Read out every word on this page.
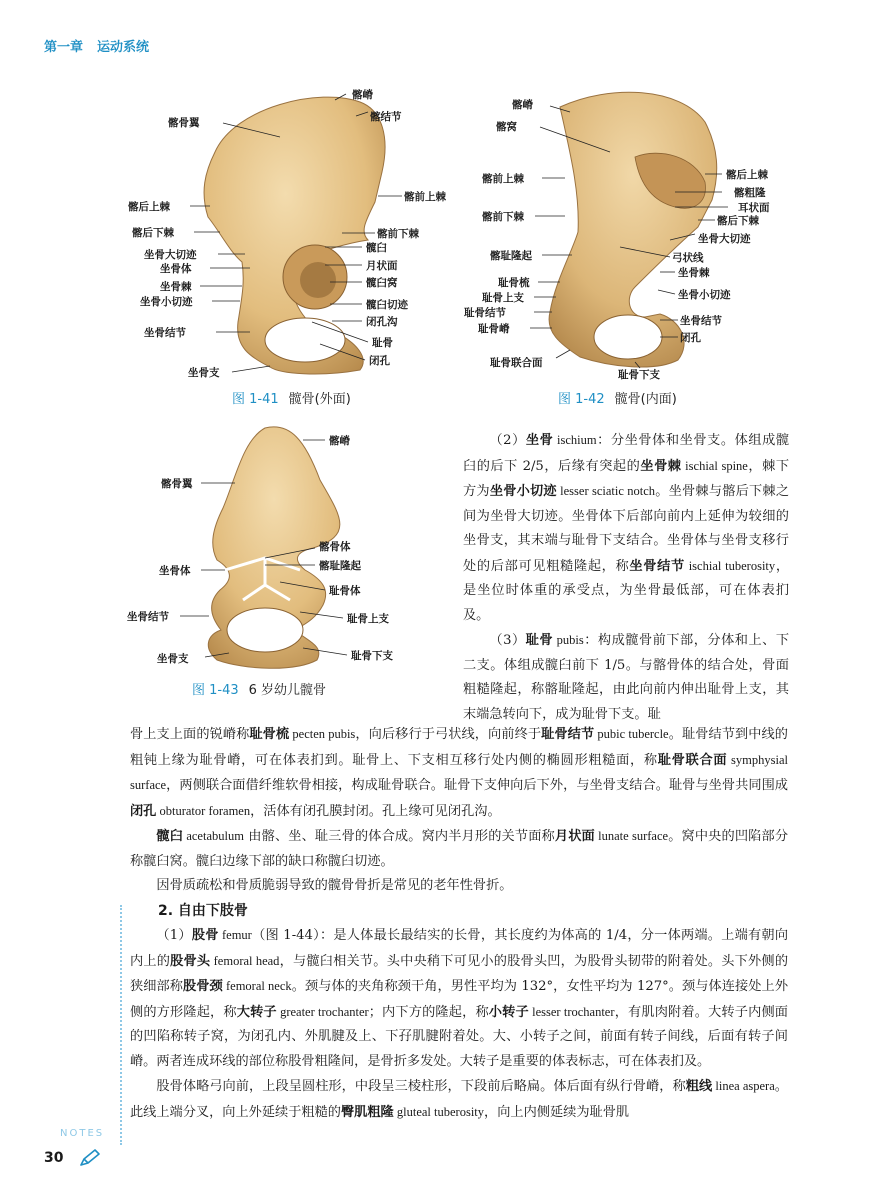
第一章 运动系统
髂嵴
髂骨翼	髂结节
髂后上棘
髂前上棘
髂后下棘	髂前下棘
坐骨大切迹
髋臼
坐骨体	月状面
坐骨棘	髋臼窝
坐骨小切迹	髋臼切迹
闭孔沟
坐骨结节
耻骨
闭孔
坐骨支
图 1-41 髋骨(外面)
髂嵴
髂窝
髂后上棘
髂粗隆
耳状面
髂前上棘
髂后下棘
髂前下棘
坐骨大切迹
髂耻隆起	弓状线
坐骨棘
耻骨梳
坐骨小切迹
耻骨上支
耻骨结节
坐骨结节
耻骨嵴
闭孔
耻骨联合面
耻骨下支
图 1-42 髋骨(内面)
髂嵴
髂骨翼
髂骨体
坐骨体	髂耻隆起
耻骨体
坐骨结节	耻骨上支
坐骨支	耻骨下支
图 1-43 6 岁幼儿髋骨

（2）坐骨 ischium：分坐骨体和坐骨支。体组成髋臼的后下 2/5，后缘有突起的坐骨棘 ischial spine，棘下方为坐骨小切迹 lesser sciatic notch。坐骨棘与髂后下棘之间为坐骨大切迹。坐骨体下后部向前内上延伸为较细的坐骨支，其末端与耻骨下支结合。坐骨体与坐骨支移行处的后部可见粗糙隆起，称坐骨结节 ischial tuberosity，是坐位时体重的承受点，为坐骨最低部，可在体表扪及。

（3）耻骨 pubis：构成髋骨前下部，分体和上、下二支。体组成髋臼前下 1/5。与髂骨体的结合处，骨面粗糙隆起，称髂耻隆起，由此向前内伸出耻骨上支，其末端急转向下，成为耻骨下支。耻

骨上支上面的锐嵴称耻骨梳 pecten pubis，向后移行于弓状线，向前终于耻骨结节 pubic tubercle。耻骨结节到中线的粗钝上缘为耻骨嵴，可在体表扪到。耻骨上、下支相互移行处内侧的椭圆形粗糙面，称耻骨联合面 symphysial surface，两侧联合面借纤维软骨相接，构成耻骨联合。耻骨下支伸向后下外，与坐骨支结合。耻骨与坐骨共同围成闭孔 obturator foramen，活体有闭孔膜封闭。孔上缘可见闭孔沟。

髋臼 acetabulum 由髂、坐、耻三骨的体合成。窝内半月形的关节面称月状面 lunate surface。窝中央的凹陷部分称髋臼窝。髋臼边缘下部的缺口称髋臼切迹。

因骨质疏松和骨质脆弱导致的髋骨骨折是常见的老年性骨折。

2. 自由下肢骨

（1）股骨 femur（图 1-44）：是人体最长最结实的长骨，其长度约为体高的 1/4，分一体两端。上端有朝向内上的股骨头 femoral head，与髋臼相关节。头中央稍下可见小的股骨头凹，为股骨头韧带的附着处。头下外侧的狭细部称股骨颈 femoral neck。颈与体的夹角称颈干角，男性平均为 132°，女性平均为 127°。颈与体连接处上外侧的方形隆起，称大转子 greater trochanter；内下方的隆起，称小转子 lesser trochanter，有肌肉附着。大转子内侧面的凹陷称转子窝，为闭孔内、外肌腱及上、下孖肌腱附着处。大、小转子之间，前面有转子间线，后面有转子间嵴。两者连成环线的部位称股骨粗隆间，是骨折多发处。大转子是重要的体表标志，可在体表扪及。

股骨体略弓向前，上段呈圆柱形，中段呈三棱柱形，下段前后略扁。体后面有纵行骨嵴，称粗线 linea aspera。此线上端分叉，向上外延续于粗糙的臀肌粗隆 gluteal tuberosity，向上内侧延续为耻骨肌

NOTES
30
